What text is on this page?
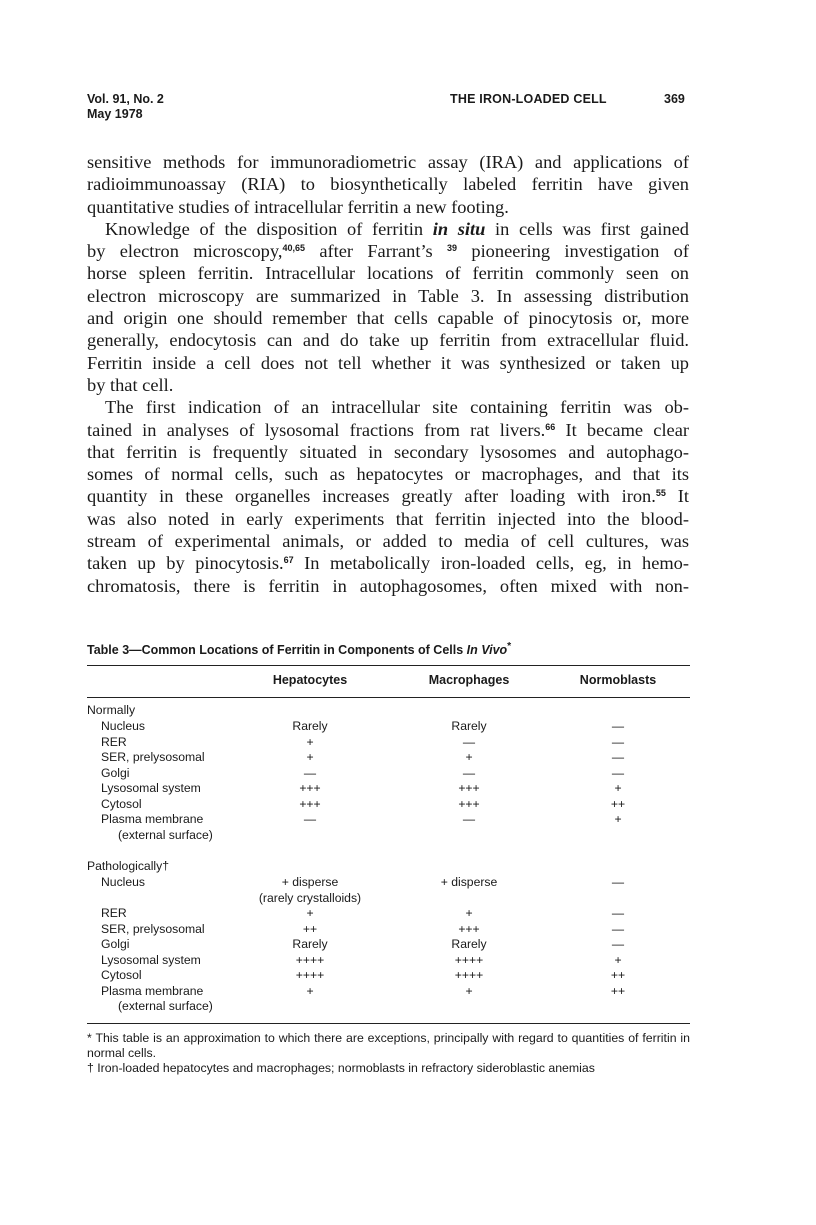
Vol. 91, No. 2
May 1978
THE IRON-LOADED CELL	369

sensitive methods for immunoradiometric assay (IRA) and applications of

radioimmunoassay (RIA) to biosynthetically labeled ferritin have given

quantitative studies of intracellular ferritin a new footing.

Knowledge of the disposition of ferritin in situ in cells was first gained

by electron microscopy,$^{40,65}$ after Farrant’s $^{39}$ pioneering investigation of

horse spleen ferritin. Intracellular locations of ferritin commonly seen on

electron microscopy are summarized in Table 3. In assessing distribution

and origin one should remember that cells capable of pinocytosis or, more

generally, endocytosis can and do take up ferritin from extracellular fluid.

Ferritin inside a cell does not tell whether it was synthesized or taken up

by that cell.

The first indication of an intracellular site containing ferritin was ob-

tained in analyses of lysosomal fractions from rat livers.$^{66}$ It became clear

that ferritin is frequently situated in secondary lysosomes and autophago-

somes of normal cells, such as hepatocytes or macrophages, and that its

quantity in these organelles increases greatly after loading with iron.$^{55}$ It

was also noted in early experiments that ferritin injected into the blood-

stream of experimental animals, or added to media of cell cultures, was

taken up by pinocytosis.$^{67}$ In metabolically iron-loaded cells, eg, in hemo-

chromatosis, there is ferritin in autophagosomes, often mixed with non-

Table 3—Common Locations of Ferritin in Components of Cells In Vivo*
Hepatocytes	Macrophages	Normoblasts
Normally
Nucleus	Rarely	Rarely	—
RER	+	—	—
SER, prelysosomal	+	+	—
Golgi	—	—	—
Lysosomal system	+++	+++	+
Cytosol	+++	+++	++
Plasma membrane	—	—	+
(external surface)
Pathologically†
Nucleus	+ disperse	+ disperse	—
(rarely crystalloids)
RER	+	+	—
SER, prelysosomal	++	+++	—
Golgi	Rarely	Rarely	—
Lysosomal system	++++	++++	+
Cytosol	++++	++++	++
Plasma membrane	+	+	++
(external surface)

* This table is an approximation to which there are exceptions, principally with regard to quantities of ferritin in normal cells.

† Iron-loaded hepatocytes and macrophages; normoblasts in refractory sideroblastic anemias
